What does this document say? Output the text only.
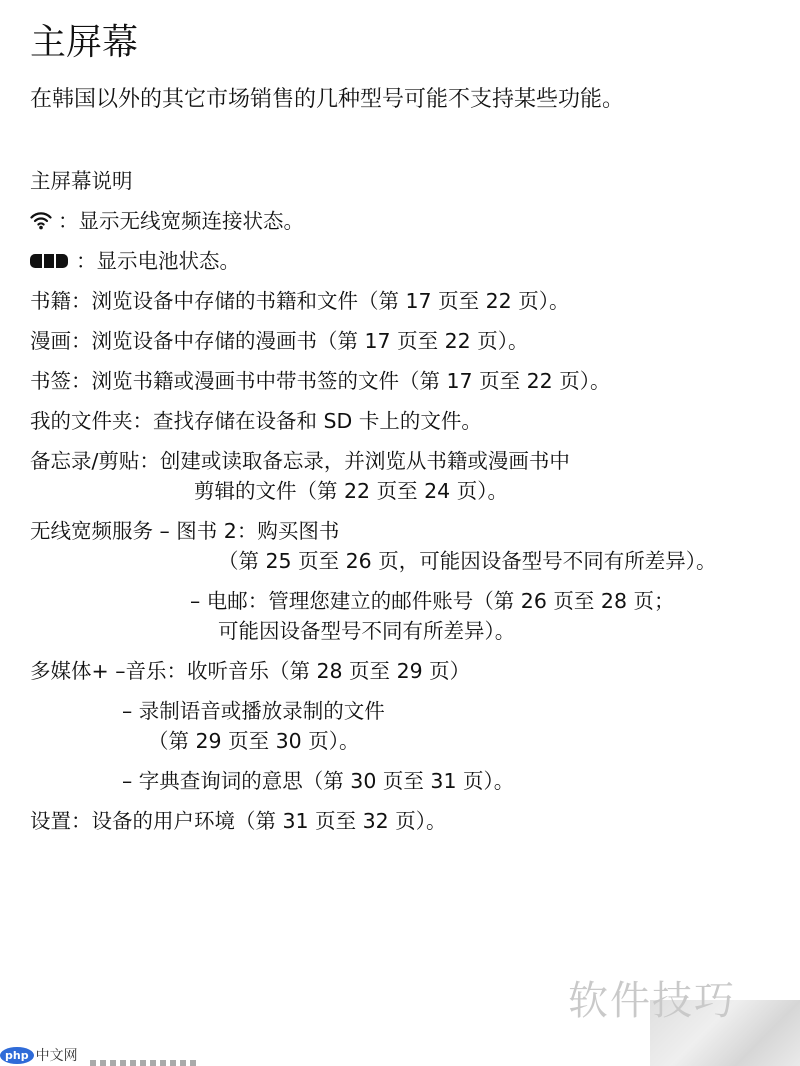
主屏幕

在韩国以外的其它市场销售的几种型号可能不支持某些功能。

主屏幕说明

：显示无线宽频连接状态。

：显示电池状态。

书籍：浏览设备中存储的书籍和文件（第 17 页至 22 页）。

漫画：浏览设备中存储的漫画书（第 17 页至 22 页）。

书签：浏览书籍或漫画书中带书签的文件（第 17 页至 22 页）。

我的文件夹：查找存储在设备和 SD 卡上的文件。

备忘录/剪贴：创建或读取备忘录，并浏览从书籍或漫画书中

剪辑的文件（第 22 页至 24 页）。

无线宽频服务 – 图书 2：购买图书

（第 25 页至 26 页，可能因设备型号不同有所差异）。

– 电邮：管理您建立的邮件账号（第 26 页至 28 页；

可能因设备型号不同有所差异）。

多媒体+ –音乐：收听音乐（第 28 页至 29 页）

– 录制语音或播放录制的文件

（第 29 页至 30 页）。

– 字典查询词的意思（第 30 页至 31 页）。

设置：设备的用户环境（第 31 页至 32 页）。

软件技巧
php 中文网
